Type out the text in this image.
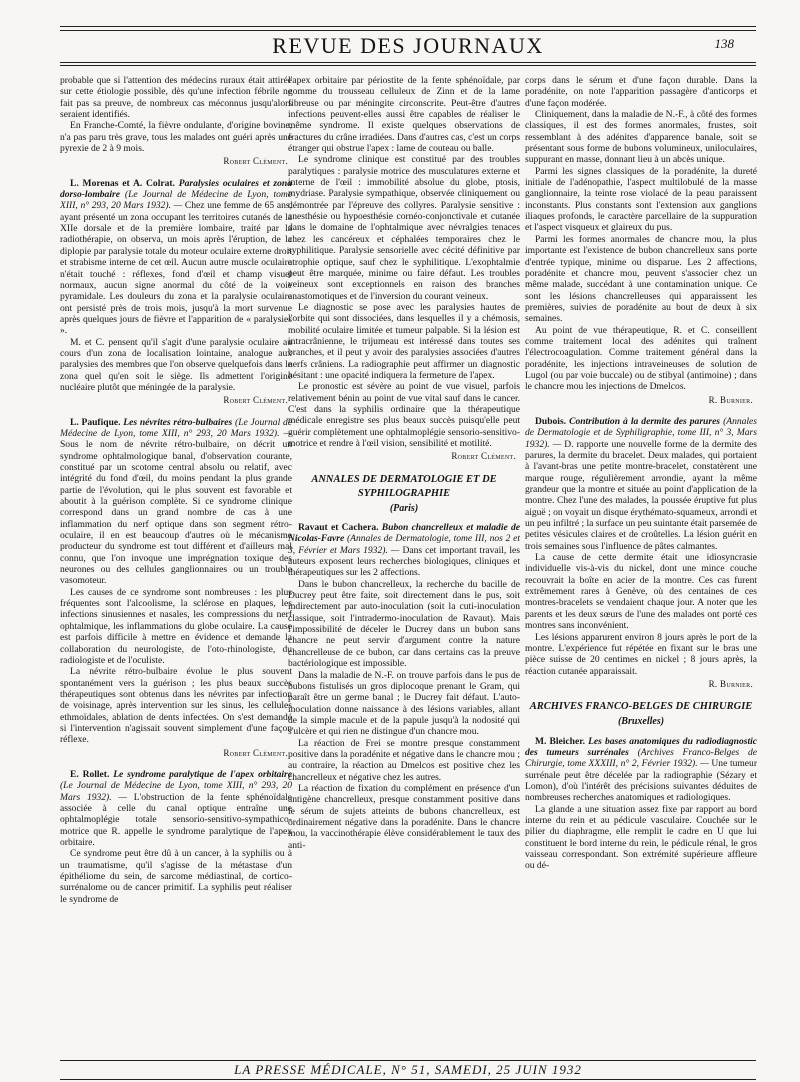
REVUE DES JOURNAUX	138

probable que si l'attention des médecins ruraux était attirée sur cette étiologie possible, dès qu'une infection fébrile ne fait pas sa preuve, de nombreux cas méconnus jusqu'alors seraient identifiés.

En Franche-Comté, la fièvre ondulante, d'origine bovine, n'a pas paru très grave, tous les malades ont guéri après une pyrexie de 2 à 9 mois.

Robert Clément.

L. Morenas et A. Colrat. Paralysies oculaires et zona dorso-lombaire (Le Journal de Médecine de Lyon, tome XIII, n° 293, 20 Mars 1932). — Chez une femme de 65 ans, ayant présenté un zona occupant les territoires cutanés de la XIIe dorsale et de la première lombaire, traité par la radiothérapie, on observa, un mois après l'éruption, de la diplopie par paralysie totale du moteur oculaire externe droit et strabisme interne de cet œil. Aucun autre muscle oculaire n'était touché : réflexes, fond d'œil et champ visuel normaux, aucun signe anormal du côté de la voie pyramidale. Les douleurs du zona et la paralysie oculaire ont persisté près de trois mois, jusqu'à la mort survenue après quelques jours de fièvre et l'apparition de « paralysies ».

M. et C. pensent qu'il s'agit d'une paralysie oculaire au cours d'un zona de localisation lointaine, analogue aux paralysies des membres que l'on observe quelquefois dans le zona quel qu'en soit le siège. Ils admettent l'origine nucléaire plutôt que méningée de la paralysie.

Robert Clément.

L. Paufique. Les névrites rétro-bulbaires (Le Journal de Médecine de Lyon, tome XIII, n° 293, 20 Mars 1932). — Sous le nom de névrite rétro-bulbaire, on décrit un syndrome ophtalmologique banal, d'observation courante, constitué par un scotome central absolu ou relatif, avec intégrité du fond d'œil, du moins pendant la plus grande partie de l'évolution, qui le plus souvent est favorable et aboutit à la guérison complète. Si ce syndrome clinique correspond dans un grand nombre de cas à une inflammation du nerf optique dans son segment rétro-oculaire, il en est beaucoup d'autres où le mécanisme producteur du syndrome est tout différent et d'ailleurs mal connu, que l'on invoque une imprégnation toxique des neurones ou des cellules ganglionnaires ou un trouble vasomoteur.

Les causes de ce syndrome sont nombreuses : les plus fréquentes sont l'alcoolisme, la sclérose en plaques, les infections sinusiennes et nasales, les compressions du nerf ophtalmique, les inflammations du globe oculaire. La cause est parfois difficile à mettre en évidence et demande la collaboration du neurologiste, de l'oto-rhinologiste, du radiologiste et de l'oculiste.

La névrite rétro-bulbaire évolue le plus souvent spontanément vers la guérison ; les plus beaux succès thérapeutiques sont obtenus dans les névrites par infection de voisinage, après intervention sur les sinus, les cellules ethmoïdales, ablation de dents infectées. On s'est demandé si l'intervention n'agissait souvent simplement d'une façon réflexe.

Robert Clément.

E. Rollet. Le syndrome paralytique de l'apex orbitaire (Le Journal de Médecine de Lyon, tome XIII, n° 293, 20 Mars 1932). — L'obstruction de la fente sphénoïdale associée à celle du canal optique entraîne une ophtalmoplégie totale sensorio-sensitivo-sympathico-motrice que R. appelle le syndrome paralytique de l'apex orbitaire.

Ce syndrome peut être dû à un cancer, à la syphilis ou à un traumatisme, qu'il s'agisse de la métastase d'un épithéliome du sein, de sarcome médiastinal, de cortico-surrénalome ou de cancer primitif. La syphilis peut réaliser le syndrome de

l'apex orbitaire par périostite de la fente sphénoïdale, par gomme du trousseau celluleux de Zinn et de la lame fibreuse ou par méningite circonscrite. Peut-être d'autres infections peuvent-elles aussi être capables de réaliser le même syndrome. Il existe quelques observations de fractures du crâne irradiées. Dans d'autres cas, c'est un corps étranger qui obstrue l'apex : lame de couteau ou balle.

Le syndrome clinique est constitué par des troubles paralytiques : paralysie motrice des musculatures externe et interne de l'œil : immobilité absolue du globe, ptosis, mydriase. Paralysie sympathique, observée cliniquement ou démontrée par l'épreuve des collyres. Paralysie sensitive : anesthésie ou hypoesthésie cornéo-conjonctivale et cutanée dans le domaine de l'ophtalmique avec névralgies tenaces chez les cancéreux et céphalées temporaires chez le syphilitique. Paralysie sensorielle avec cécité définitive par atrophie optique, sauf chez le syphilitique. L'exophtalmie peut être marquée, minime ou faire défaut. Les troubles veineux sont exceptionnels en raison des branches anastomotiques et de l'inversion du courant veineux.

Le diagnostic se pose avec les paralysies hautes de l'orbite qui sont dissociées, dans lesquelles il y a chémosis, mobilité oculaire limitée et tumeur palpable. Si la lésion est intracrânienne, le trijumeau est intéressé dans toutes ses branches, et il peut y avoir des paralysies associées d'autres nerfs crâniens. La radiographie peut affirmer un diagnostic hésitant : une opacité indiquera la fermeture de l'apex.

Le pronostic est sévère au point de vue visuel, parfois relativement bénin au point de vue vital sauf dans le cancer. C'est dans la syphilis ordinaire que la thérapeutique médicale enregistre ses plus beaux succès puisqu'elle peut guérir complètement une ophtalmoplégie sensorio-sensitivo-motrice et rendre à l'œil vision, sensibilité et motilité.

Robert Clément.
ANNALES DE DERMATOLOGIE ET DE SYPHILOGRAPHIE
(Paris)

Ravaut et Cachera. Bubon chancrelleux et maladie de Nicolas-Favre (Annales de Dermatologie, tome III, nos 2 et 3, Février et Mars 1932). — Dans cet important travail, les auteurs exposent leurs recherches biologiques, cliniques et thérapeutiques sur les 2 affections.

Dans le bubon chancrelleux, la recherche du bacille de Ducrey peut être faite, soit directement dans le pus, soit indirectement par auto-inoculation (soit la cuti-inoculation classique, soit l'intradermo-inoculation de Ravaut). Mais l'impossibilité de déceler le Ducrey dans un bubon sans chancre ne peut servir d'argument contre la nature chancrelleuse de ce bubon, car dans certains cas la preuve bactériologique est impossible.

Dans la maladie de N.-F. on trouve parfois dans le pus de bubons fistulisés un gros diplocoque prenant le Gram, qui paraît être un germe banal ; le Ducrey fait défaut. L'auto-inoculation donne naissance à des lésions variables, allant de la simple macule et de la papule jusqu'à la nodosité qui s'ulcère et qui rien ne distingue d'un chancre mou.

La réaction de Frei se montre presque constamment positive dans la poradénite et négative dans le chancre mou ; au contraire, la réaction au Dmelcos est positive chez les chancrelleux et négative chez les autres.

La réaction de fixation du complément en présence d'un antigène chancrelleux, presque constamment positive dans le sérum de sujets atteints de bubons chancrelleux, est ordinairement négative dans la poradénite. Dans le chancre mou, la vaccinothérapie élève considérablement le taux des anti-

corps dans le sérum et d'une façon durable. Dans la poradénite, on note l'apparition passagère d'anticorps et d'une façon modérée.

Cliniquement, dans la maladie de N.-F., à côté des formes classiques, il est des formes anormales, frustes, soit ressemblant à des adénites d'apparence banale, soit se présentant sous forme de bubons volumineux, uniloculaires, suppurant en masse, donnant lieu à un abcès unique.

Parmi les signes classiques de la poradénite, la dureté initiale de l'adénopathie, l'aspect multilobulé de la masse ganglionnaire, la teinte rose violacé de la peau paraissent inconstants. Plus constants sont l'extension aux ganglions iliaques profonds, le caractère parcellaire de la suppuration et l'aspect visqueux et glaireux du pus.

Parmi les formes anormales de chancre mou, la plus importante est l'existence de bubon chancrelleux sans porte d'entrée typique, minime ou disparue. Les 2 affections, poradénite et chancre mou, peuvent s'associer chez un même malade, succédant à une contamination unique. Ce sont les lésions chancrelleuses qui apparaissent les premières, suivies de poradénite au bout de deux à six semaines.

Au point de vue thérapeutique, R. et C. conseillent comme traitement local des adénites qui traînent l'électrocoagulation. Comme traitement général dans la poradénite, les injections intraveineuses de solution de Lugol (ou par voie buccale) ou de stibyal (antimoine) ; dans le chancre mou les injections de Dmelcos.

R. Burnier.

Dubois. Contribution à la dermite des parures (Annales de Dermatologie et de Syphiligraphie, tome III, n° 3, Mars 1932). — D. rapporte une nouvelle forme de la dermite des parures, la dermite du bracelet. Deux malades, qui portaient à l'avant-bras une petite montre-bracelet, constatèrent une marque rouge, régulièrement arrondie, ayant la même grandeur que la montre et située au point d'application de la montre. Chez l'une des malades, la poussée éruptive fut plus aiguë ; on voyait un disque érythémato-squameux, arrondi et un peu infiltré ; la surface un peu suintante était parsemée de petites vésicules claires et de croûtelles. La lésion guérit en trois semaines sous l'influence de pâtes calmantes.

La cause de cette dermite était une idiosyncrasie individuelle vis-à-vis du nickel, dont une mince couche recouvrait la boîte en acier de la montre. Ces cas furent extrêmement rares à Genève, où des centaines de ces montres-bracelets se vendaient chaque jour. A noter que les parents et les deux sœurs de l'une des malades ont porté ces montres sans inconvénient.

Les lésions apparurent environ 8 jours après le port de la montre. L'expérience fut répétée en fixant sur le bras une pièce suisse de 20 centimes en nickel ; 8 jours après, la réaction cutanée apparaissait.

R. Burnier.
ARCHIVES FRANCO-BELGES DE CHIRURGIE
(Bruxelles)

M. Bleicher. Les bases anatomiques du radiodiagnostic des tumeurs surrénales (Archives Franco-Belges de Chirurgie, tome XXXIII, n° 2, Février 1932). — Une tumeur surrénale peut être décelée par la radiographie (Sézary et Lomon), d'où l'intérêt des précisions suivantes déduites de nombreuses recherches anatomiques et radiologiques.

La glande a une situation assez fixe par rapport au bord interne du rein et au pédicule vasculaire. Couchée sur le pilier du diaphragme, elle remplit le cadre en U que lui constituent le bord interne du rein, le pédicule rénal, le gros vaisseau correspondant. Son extrémité supérieure affleure ou dé-

LA PRESSE MÉDICALE, N° 51, SAMEDI, 25 JUIN 1932
